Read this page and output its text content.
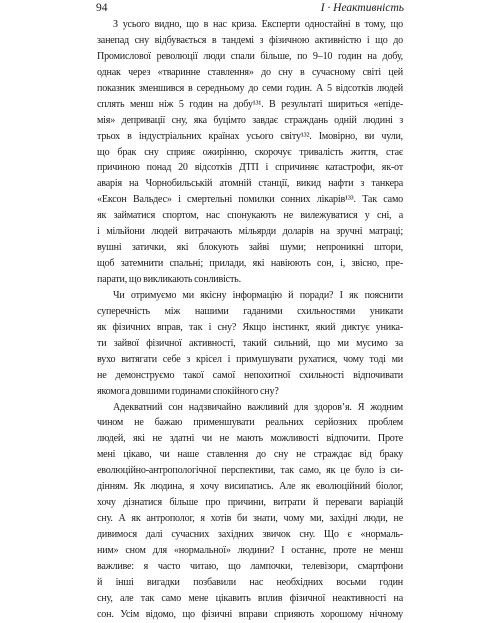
94	I · Неактивність
З усього видно, що в нас криза. Експерти одностайні в тому, що
занепад сну відбувається в тандемі з фізичною активністю і що до
Промислової революції люди спали більше, по 9–10 годин на добу,
однак через «тваринне ставлення» до сну в сучасному світі цей
показник зменшився в середньому до семи годин. А 5 відсотків людей
сплять менш ніж 5 годин на добу¹³¹. В результаті шириться «епіде-
мія» депривації сну, яка буцімто завдає страждань одній людині з
трьох в індустріальних країнах усього світу¹³². Імовірно, ви чули,
що брак сну сприяє ожирінню, скорочує тривалість життя, стає
причиною понад 20 відсотків ДТП і спричиняє катастрофи, як-от
аварія на Чорнобильській атомній станції, викид нафти з танкера
«Ексон Вальдес» і смертельні помилки сонних лікарів¹³³. Так само
як займатися спортом, нас спонукають не вилежуватися у сні, а
і мільйони людей витрачають мільярди доларів на зручні матраці;
вушні затички, які блокують зайві шуми; непроникні штори,
щоб затемнити спальні; прилади, які навіюють сон, і, звісно, пре-
парати, що викликають сонливість.
Чи отримуємо ми якісну інформацію й поради? І як пояснити
суперечність між нашими гаданими схильностями уникати
як фізичних вправ, так і сну? Якщо інстинкт, який диктує уника-
ти зайвої фізичної активності, такий сильний, що ми мусимо за
вухо витягати себе з крісел і примушувати рухатися, чому тоді ми
не демонструємо такої самої непохитної схильності відпочивати
якомога довшими годинами спокійного сну?
Адекватний сон надзвичайно важливий для здоров’я. Я жодним
чином не бажаю применшувати реальних серйозних проблем
людей, які не здатні чи не мають можливості відпочити. Проте
мені цікаво, чи наше ставлення до сну не страждає від браку
еволюційно-антропологічної перспективи, так само, як це було із си-
дінням. Як людина, я хочу висипатись. Але як еволюційний біолог,
хочу дізнатися більше про причини, витрати й переваги варіацій
сну. А як антрополог, я хотів би знати, чому ми, західні люди, не
дивимося далі сучасних західних звичок сну. Що є «нормаль-
ним» сном для «нормальної» людини? І останнє, проте не менш
важливе: я часто читаю, що лампочки, телевізори, смартфони
й інші вигадки позбавили нас необхідних восьми годин
сну, але так само мене цікавить вплив фізичної неактивності на
сон. Усім відомо, що фізичні вправи сприяють хорошому нічному
